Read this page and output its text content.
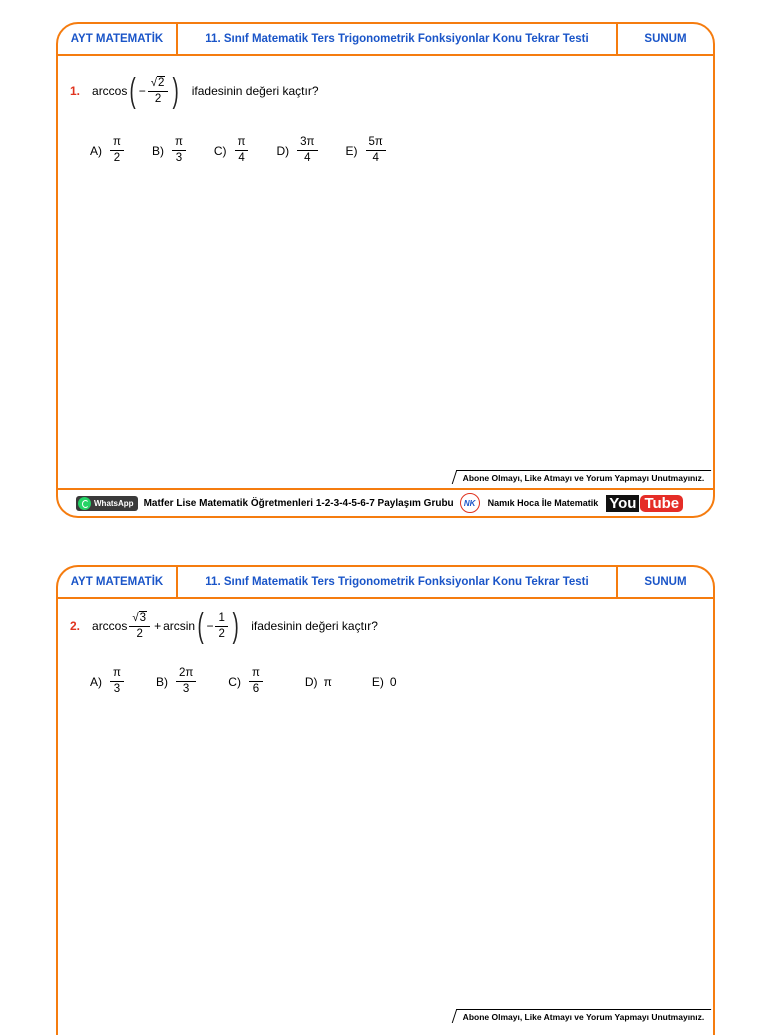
AYT MATEMATİK	11. Sınıf Matematik Ters Trigonometrik Fonksiyonlar Konu Tekrar Testi	SUNUM
1. arccos ( − $\frac{√2}{2}$ ) ifadesinin değeri kaçtır?
$A) \frac{\pi}{2} B) \frac{\pi}{3} C) \frac{\pi}{4} D) \frac{3\pi}{4} E) \frac{5\pi}{4}$
Abone Olmayı, Like Atmayı ve Yorum Yapmayı Unutmayınız.
WhatsApp Matfer Lise Matematik Öğretmenleri 1-2-3-4-5-6-7 Paylaşım Grubu	NK	Namık Hoca İle Matematik You Tube
AYT MATEMATİK	11. Sınıf Matematik Ters Trigonometrik Fonksiyonlar Konu Tekrar Testi	SUNUM
2. $\arccos \frac{√3}{2} + \arcsin$ ( − $\frac{1}{2}$ ) ifadesinin değeri kaçtır?
$A) \frac{\pi}{3}$	$B) \frac{2\pi}{3}$	$C) \frac{\pi}{6}$	D) π	E) 0
Abone Olmayı, Like Atmayı ve Yorum Yapmayı Unutmayınız.
